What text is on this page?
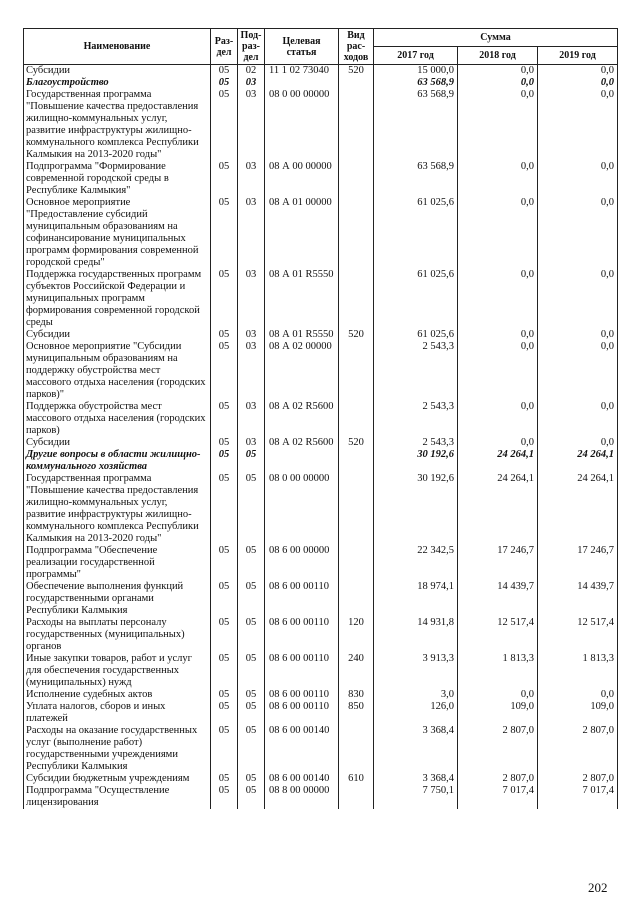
Наименование	Раз-дел	Под-раз-дел	Целевая статья	Вид рас-ходов	Сумма		
					2017 год	2018 год	2019 год
Субсидии	05	02	11 1 02 73040	520	15 000,0	0,0	0,0
Благоустройство	05	03			63 568,9	0,0	0,0
Государственная программа "Повышение качества предоставления жилищно-коммунальных услуг, развитие инфраструктуры жилищно-коммунального комплекса Республики Калмыкия на 2013-2020 годы"	05	03	08 0 00 00000		63 568,9	0,0	0,0
Подпрограмма "Формирование современной городской среды в Республике Калмыкия"	05	03	08 А 00 00000		63 568,9	0,0	0,0
Основное мероприятие "Предоставление субсидий муниципальным образованиям на софинансирование муниципальных программ формирования современной городской среды"	05	03	08 А 01 00000		61 025,6	0,0	0,0
Поддержка государственных программ субъектов Российской Федерации и муниципальных программ формирования современной городской среды	05	03	08 А 01 R5550		61 025,6	0,0	0,0
Субсидии	05	03	08 А 01 R5550	520	61 025,6	0,0	0,0
Основное мероприятие "Субсидии муниципальным образованиям на поддержку обустройства мест массового отдыха населения (городских парков)"	05	03	08 А 02 00000		2 543,3	0,0	0,0
Поддержка обустройства мест массового отдыха населения (городских парков)	05	03	08 А 02 R5600		2 543,3	0,0	0,0
Субсидии	05	03	08 А 02 R5600	520	2 543,3	0,0	0,0
Другие вопросы в области жилищно-коммунального хозяйства	05	05			30 192,6	24 264,1	24 264,1
Государственная программа "Повышение качества предоставления жилищно-коммунальных услуг, развитие инфраструктуры жилищно-коммунального комплекса Республики Калмыкия на 2013-2020 годы"	05	05	08 0 00 00000		30 192,6	24 264,1	24 264,1
Подпрограмма "Обеспечение реализации государственной программы"	05	05	08 6 00 00000		22 342,5	17 246,7	17 246,7
Обеспечение выполнения функций государственными органами Республики Калмыкия	05	05	08 6 00 00110		18 974,1	14 439,7	14 439,7
Расходы на выплаты персоналу государственных (муниципальных) органов	05	05	08 6 00 00110	120	14 931,8	12 517,4	12 517,4
Иные закупки товаров, работ и услуг для обеспечения государственных (муниципальных) нужд	05	05	08 6 00 00110	240	3 913,3	1 813,3	1 813,3
Исполнение судебных актов	05	05	08 6 00 00110	830	3,0	0,0	0,0
Уплата налогов, сборов и иных платежей	05	05	08 6 00 00110	850	126,0	109,0	109,0
Расходы на оказание государственных услуг (выполнение работ) государственными учреждениями Республики Калмыкия	05	05	08 6 00 00140		3 368,4	2 807,0	2 807,0
Субсидии бюджетным учреждениям	05	05	08 6 00 00140	610	3 368,4	2 807,0	2 807,0
Подпрограмма "Осуществление лицензирования	05	05	08 8 00 00000		7 750,1	7 017,4	7 017,4
202
